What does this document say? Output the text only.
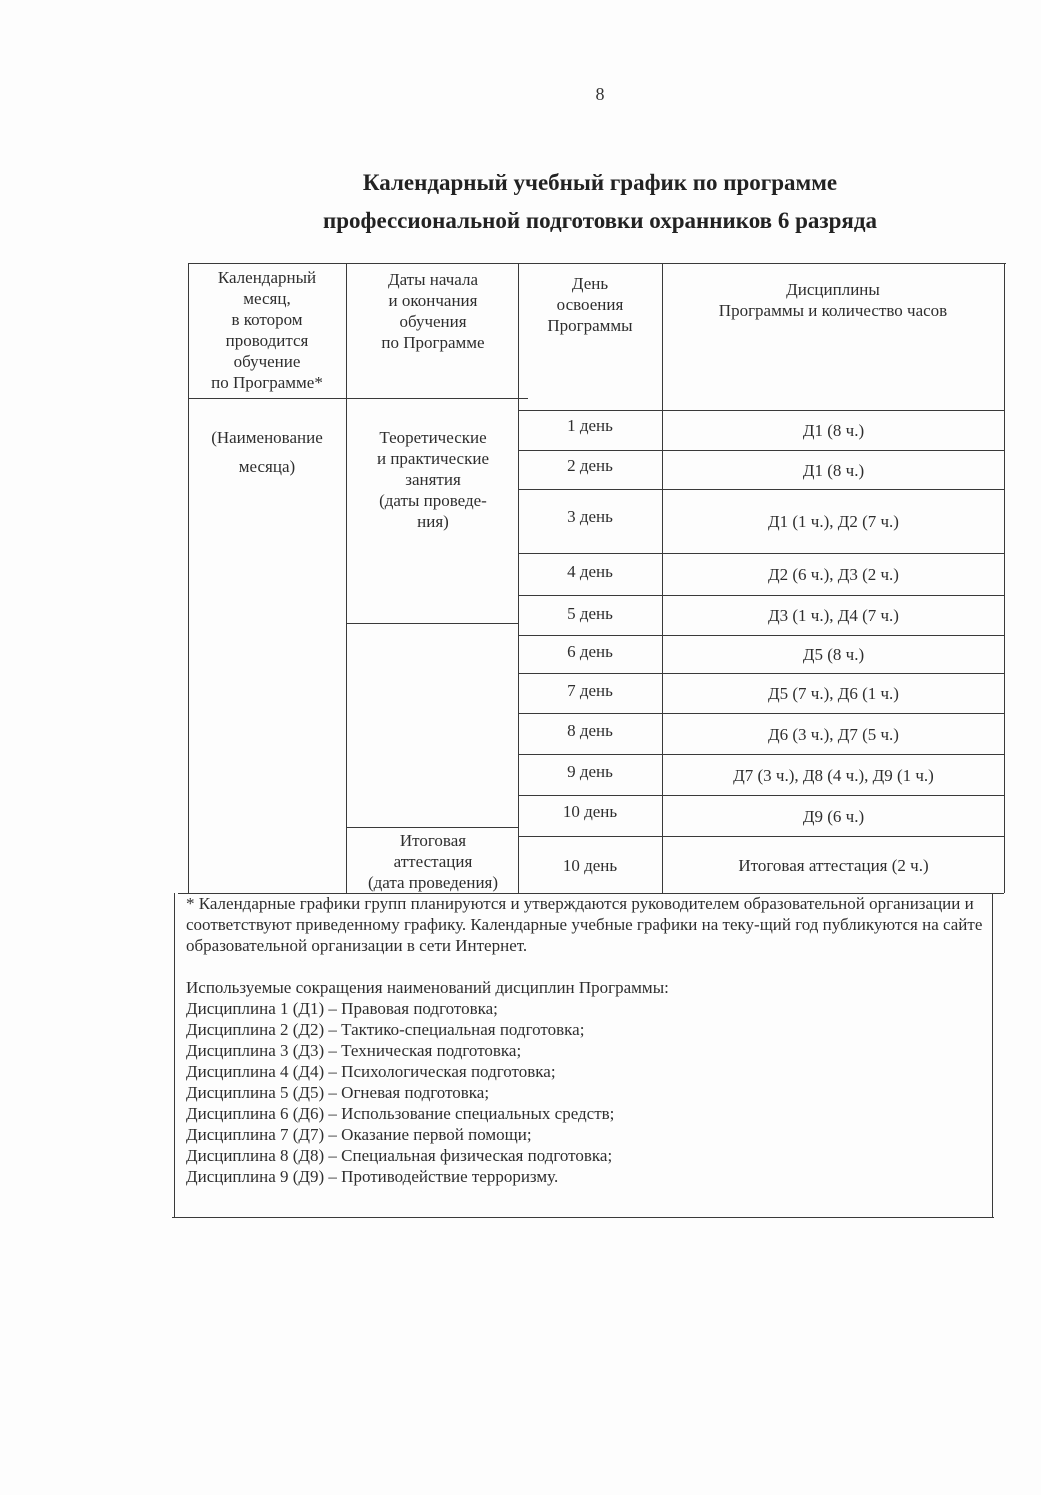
8
Календарный учебный график по программе
профессиональной подготовки охранников 6 разряда
Календарный
месяц,
в котором
проводится
обучение
по Программе*
Даты начала
и окончания
обучения
по Программе
День
освоения
Программы
Дисциплины
Программы и количество часов
(Наименование
месяца)
Теоретические
и практические
занятия
(даты проведе-
ния)
Итоговая
аттестация
(дата проведения)
1 день
2 день
3 день
4 день
5 день
6 день
7 день
8 день
9 день
10 день
10 день
Д1 (8 ч.)
Д1 (8 ч.)
Д1 (1 ч.), Д2 (7 ч.)
Д2 (6 ч.), Д3 (2 ч.)
Д3 (1 ч.), Д4 (7 ч.)
Д5 (8 ч.)
Д5 (7 ч.), Д6 (1 ч.)
Д6 (3 ч.), Д7 (5 ч.)
Д7 (3 ч.), Д8 (4 ч.), Д9 (1 ч.)
Д9 (6 ч.)
Итоговая аттестация (2 ч.)

* Календарные графики групп планируются и утверждаются руководителем образовательной организации и соответствуют приведенному графику. Календарные учебные графики на теку-щий год публикуются на сайте образовательной организации в сети Интернет.

Используемые сокращения наименований дисциплин Программы:

Дисциплина 1 (Д1) – Правовая подготовка;
Дисциплина 2 (Д2) – Тактико-специальная подготовка;
Дисциплина 3 (Д3) – Техническая подготовка;
Дисциплина 4 (Д4) – Психологическая подготовка;
Дисциплина 5 (Д5) – Огневая подготовка;
Дисциплина 6 (Д6) – Использование специальных средств;
Дисциплина 7 (Д7) – Оказание первой помощи;
Дисциплина 8 (Д8) – Специальная физическая подготовка;
Дисциплина 9 (Д9) – Противодействие терроризму.
